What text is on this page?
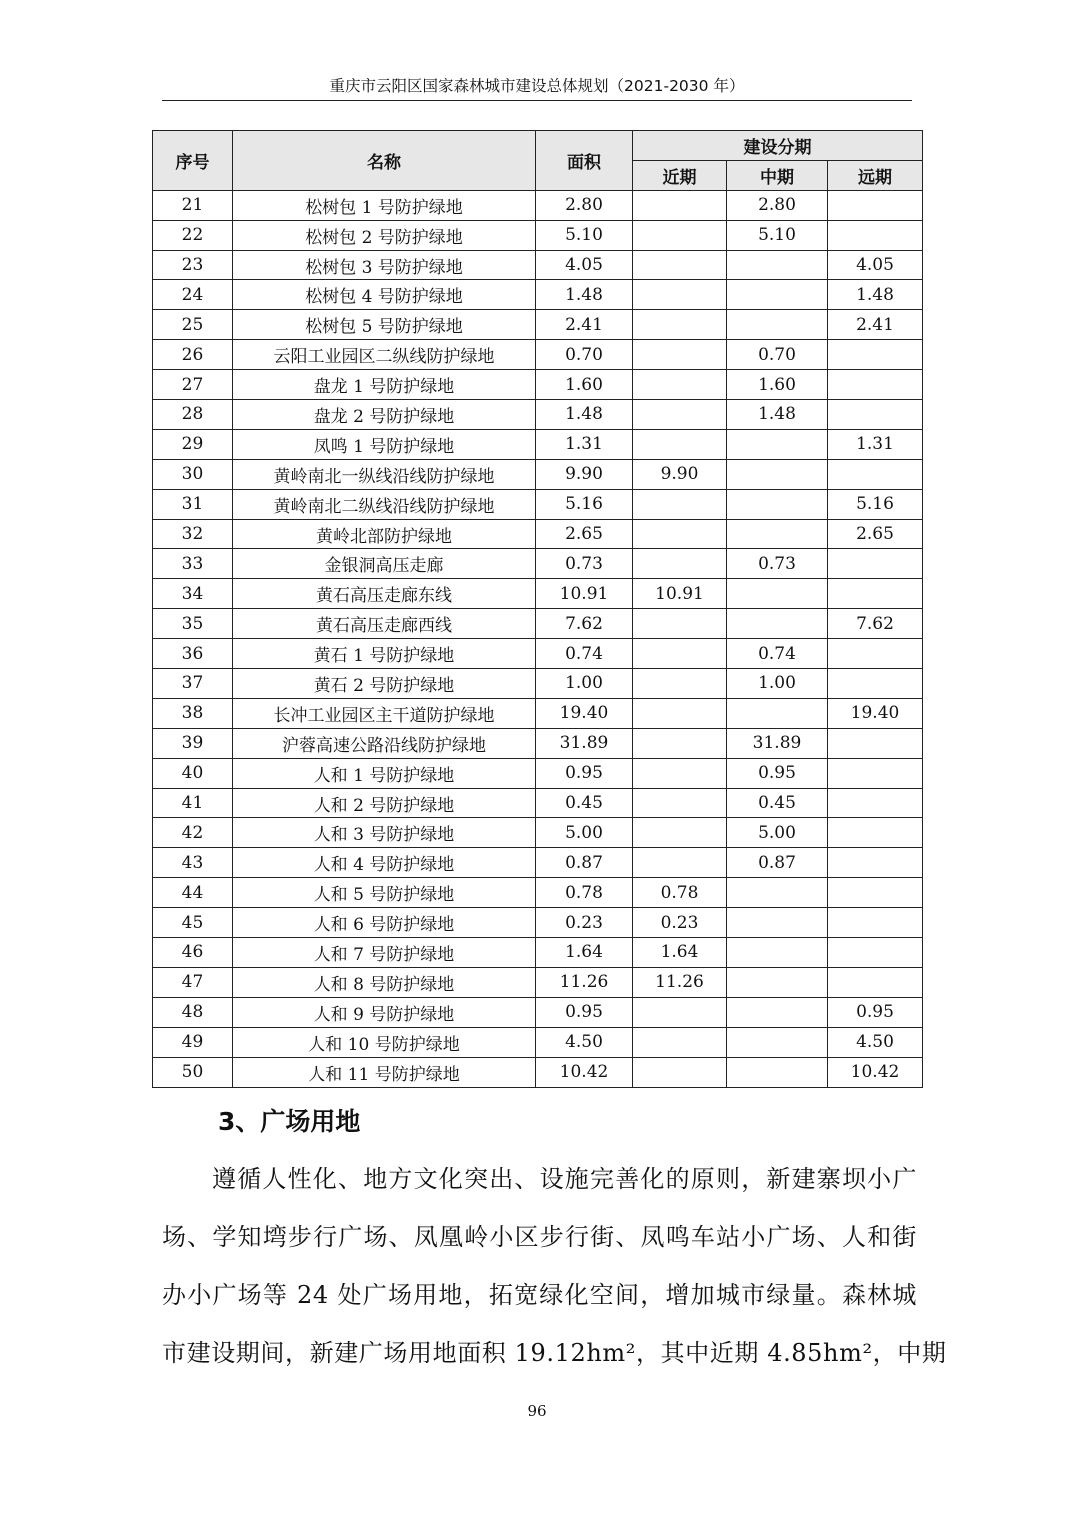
重庆市云阳区国家森林城市建设总体规划（2021-2030 年）
序号	名称	面积	建设分期		
			近期	中期	远期
21	松树包 1 号防护绿地	2.80		2.80	
22	松树包 2 号防护绿地	5.10		5.10	
23	松树包 3 号防护绿地	4.05			4.05
24	松树包 4 号防护绿地	1.48			1.48
25	松树包 5 号防护绿地	2.41			2.41
26	云阳工业园区二纵线防护绿地	0.70		0.70	
27	盘龙 1 号防护绿地	1.60		1.60	
28	盘龙 2 号防护绿地	1.48		1.48	
29	凤鸣 1 号防护绿地	1.31			1.31
30	黄岭南北一纵线沿线防护绿地	9.90	9.90		
31	黄岭南北二纵线沿线防护绿地	5.16			5.16
32	黄岭北部防护绿地	2.65			2.65
33	金银洞高压走廊	0.73		0.73	
34	黄石高压走廊东线	10.91	10.91		
35	黄石高压走廊西线	7.62			7.62
36	黄石 1 号防护绿地	0.74		0.74	
37	黄石 2 号防护绿地	1.00		1.00	
38	长冲工业园区主干道防护绿地	19.40			19.40
39	沪蓉高速公路沿线防护绿地	31.89		31.89	
40	人和 1 号防护绿地	0.95		0.95	
41	人和 2 号防护绿地	0.45		0.45	
42	人和 3 号防护绿地	5.00		5.00	
43	人和 4 号防护绿地	0.87		0.87	
44	人和 5 号防护绿地	0.78	0.78		
45	人和 6 号防护绿地	0.23	0.23		
46	人和 7 号防护绿地	1.64	1.64		
47	人和 8 号防护绿地	11.26	11.26		
48	人和 9 号防护绿地	0.95			0.95
49	人和 10 号防护绿地	4.50			4.50
50	人和 11 号防护绿地	10.42			10.42
3、广场用地
遵循人性化、地方文化突出、设施完善化的原则，新建寨坝小广
场、学知塆步行广场、凤凰岭小区步行街、凤鸣车站小广场、人和街
办小广场等 24 处广场用地，拓宽绿化空间，增加城市绿量。森林城
市建设期间，新建广场用地面积 19.12hm²，其中近期 4.85hm²，中期
96
